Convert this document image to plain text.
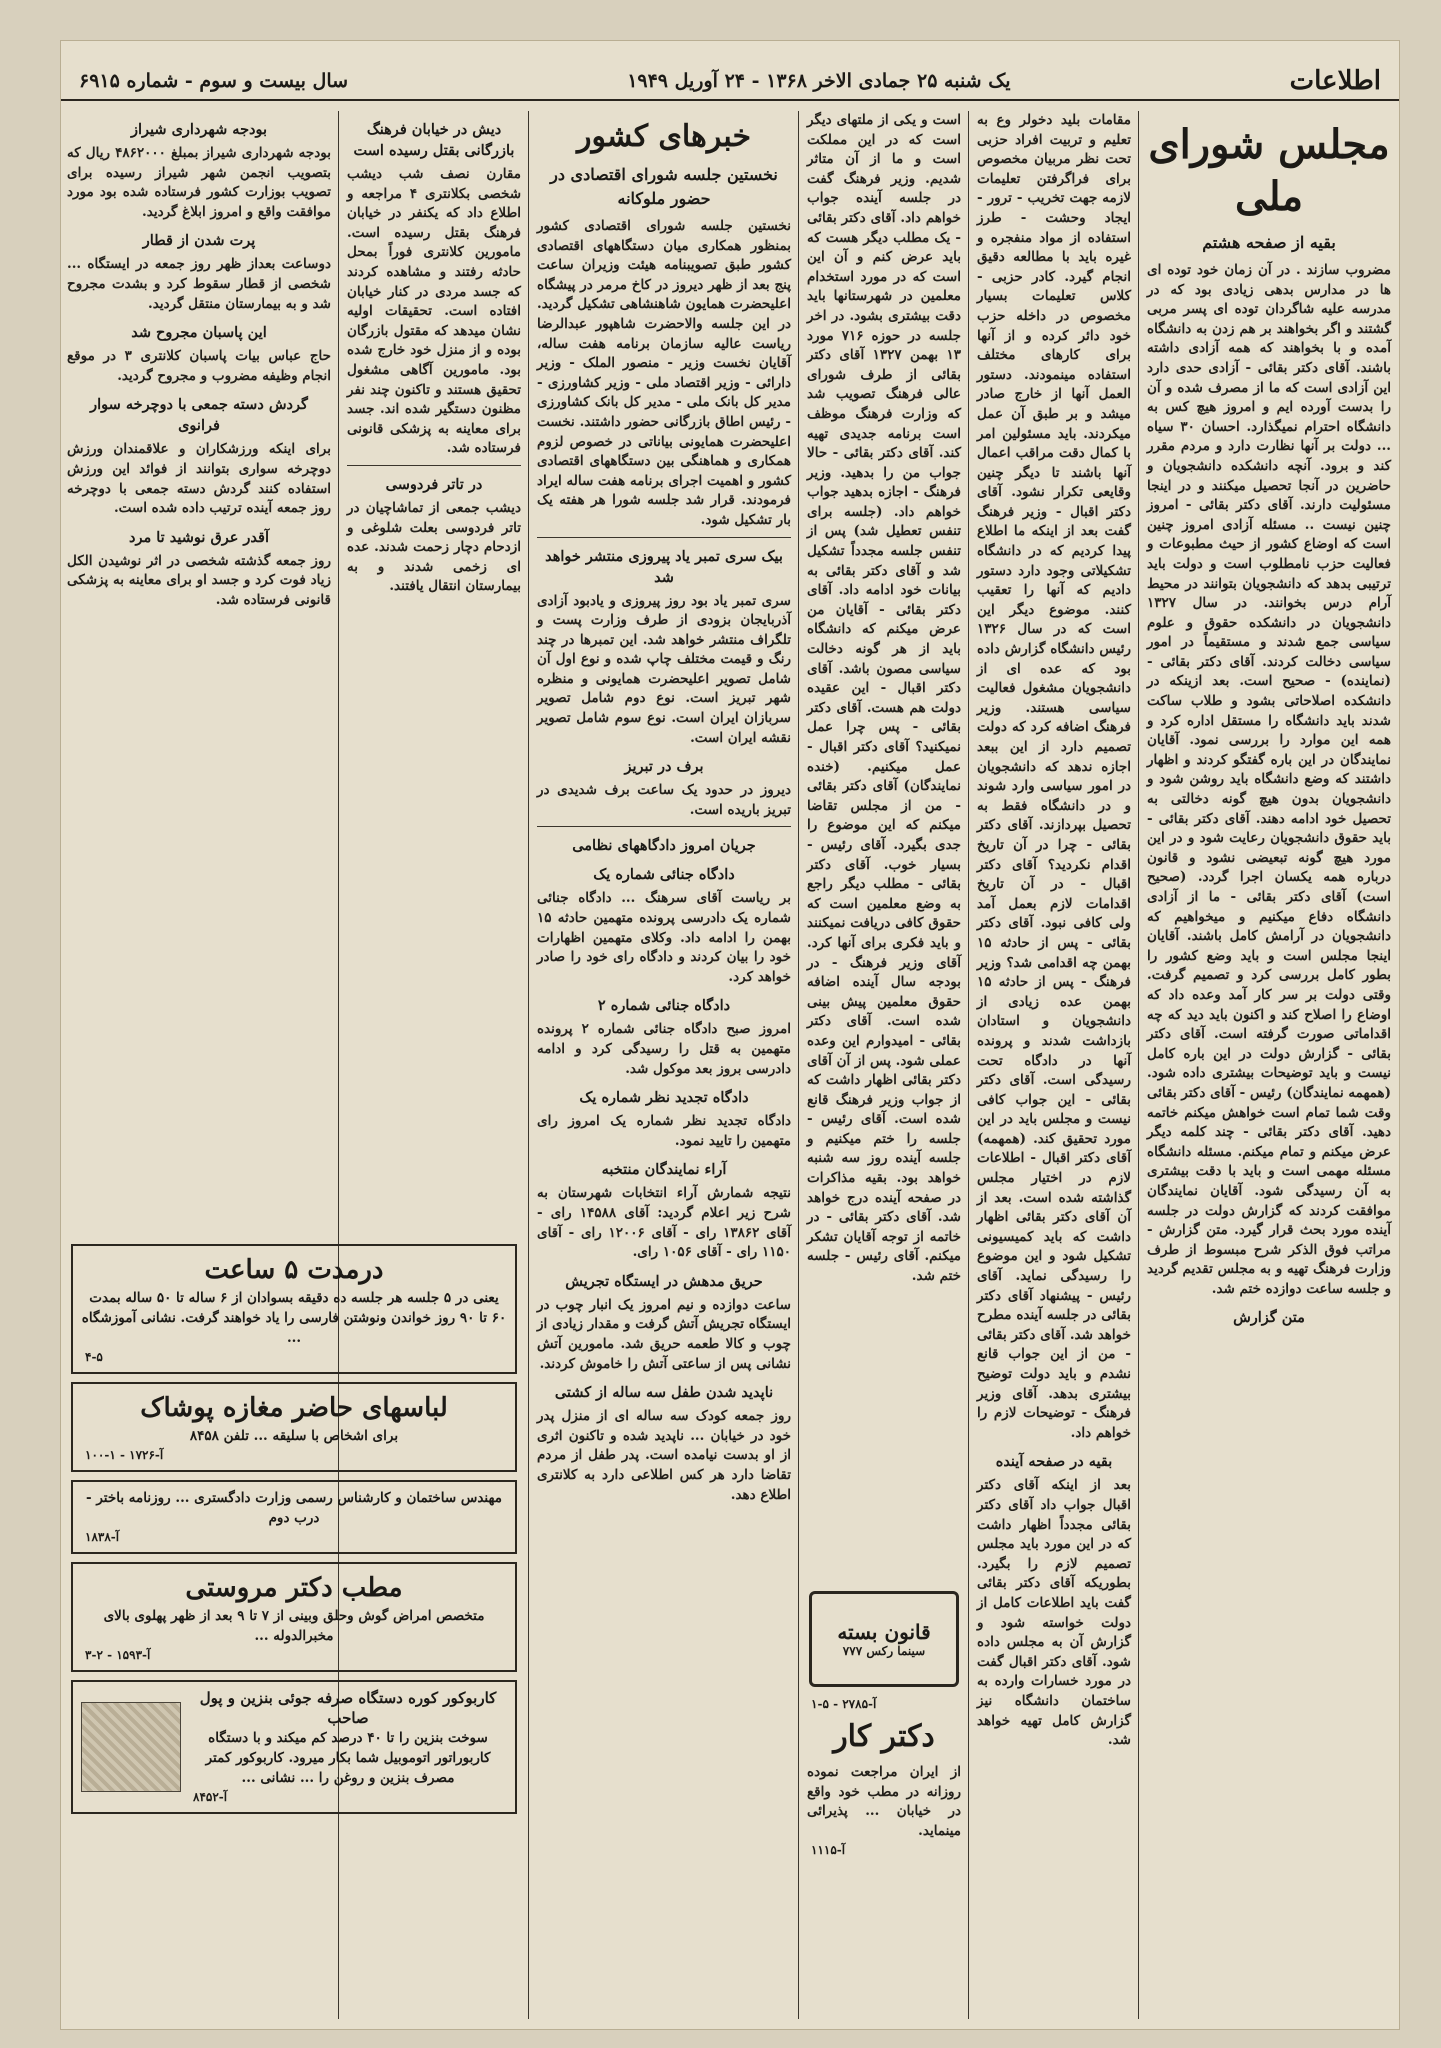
اطلاعات
یک شنبه ۲۵ جمادی الاخر ۱۳۶۸ - ۲۴ آوریل ۱۹۴۹
سال بیست و سوم - شماره ۶۹۱۵
مجلس شورای ملی
بقیه از صفحه هشتم

مضروب سازند . در آن زمان خود توده ای ها در مدارس بدهی زیادی بود که در مدرسه علیه شاگردان توده ای پسر مربی گشتند و اگر بخواهند بر هم زدن به دانشگاه آمده و با بخواهند که همه آزادی داشته باشند. آقای دکتر بقائی - آزادی حدی دارد این آزادی است که ما از مصرف شده و آن را بدست آورده ایم و امروز هیچ کس به دانشگاه احترام نمیگذارد. احسان ۳۰ سیاه ... دولت بر آنها نظارت دارد و مردم مقرر کند و برود. آنچه دانشکده دانشجویان و حاضرین در آنجا تحصیل میکنند و در اینجا مسئولیت دارند. آقای دکتر بقائی - امروز چنین نیست .. مسئله آزادی امروز چنین است که اوضاع کشور از حیث مطبوعات و فعالیت حزب نامطلوب است و دولت باید ترتیبی بدهد که دانشجویان بتوانند در محیط آرام درس بخوانند. در سال ۱۳۲۷ دانشجویان در دانشکده حقوق و علوم سیاسی جمع شدند و مستقیماً در امور سیاسی دخالت کردند. آقای دکتر بقائی - (نماینده) - صحیح است. بعد ازینکه در دانشکده اصلاحاتی بشود و طلاب ساکت شدند باید دانشگاه را مستقل اداره کرد و همه این موارد را بررسی نمود. آقایان نمایندگان در این باره گفتگو کردند و اظهار داشتند که وضع دانشگاه باید روشن شود و دانشجویان بدون هیچ گونه دخالتی به تحصیل خود ادامه دهند. آقای دکتر بقائی - باید حقوق دانشجویان رعایت شود و در این مورد هیچ گونه تبعیضی نشود و قانون درباره همه یکسان اجرا گردد. (صحیح است) آقای دکتر بقائی - ما از آزادی دانشگاه دفاع میکنیم و میخواهیم که دانشجویان در آرامش کامل باشند. آقایان اینجا مجلس است و باید وضع کشور را بطور کامل بررسی کرد و تصمیم گرفت. وقتی دولت بر سر کار آمد وعده داد که اوضاع را اصلاح کند و اکنون باید دید که چه اقداماتی صورت گرفته است. آقای دکتر بقائی - گزارش دولت در این باره کامل نیست و باید توضیحات بیشتری داده شود. (همهمه نمایندگان) رئیس - آقای دکتر بقائی وقت شما تمام است خواهش میکنم خاتمه دهید. آقای دکتر بقائی - چند کلمه دیگر عرض میکنم و تمام میکنم. مسئله دانشگاه مسئله مهمی است و باید با دقت بیشتری به آن رسیدگی شود. آقایان نمایندگان موافقت کردند که گزارش دولت در جلسه آینده مورد بحث قرار گیرد. متن گزارش - مراتب فوق الذکر شرح مبسوط از طرف وزارت فرهنگ تهیه و به مجلس تقدیم گردید و جلسه ساعت دوازده ختم شد.

متن گزارش

مقامات بلید دخولر وع به تعلیم و تربیت افراد حزبی تحت نظر مربیان مخصوص برای فراگرفتن تعلیمات لازمه جهت تخریب - ترور - ایجاد وحشت - طرز استفاده از مواد منفجره و غیره باید با مطالعه دقیق انجام گیرد. کادر حزبی - کلاس تعلیمات بسیار مخصوص در داخله حزب خود دائر کرده و از آنها برای کارهای مختلف استفاده مینمودند. دستور العمل آنها از خارج صادر میشد و بر طبق آن عمل میکردند. باید مسئولین امر با کمال دقت مراقب اعمال آنها باشند تا دیگر چنین وقایعی تکرار نشود. آقای دکتر اقبال - وزیر فرهنگ گفت بعد از اینکه ما اطلاع پیدا کردیم که در دانشگاه تشکیلاتی وجود دارد دستور دادیم که آنها را تعقیب کنند. موضوع دیگر این است که در سال ۱۳۲۶ رئیس دانشگاه گزارش داده بود که عده ای از دانشجویان مشغول فعالیت سیاسی هستند. وزیر فرهنگ اضافه کرد که دولت تصمیم دارد از این ببعد اجازه ندهد که دانشجویان در امور سیاسی وارد شوند و در دانشگاه فقط به تحصیل بپردازند. آقای دکتر بقائی - چرا در آن تاریخ اقدام نکردید؟ آقای دکتر اقبال - در آن تاریخ اقدامات لازم بعمل آمد ولی کافی نبود. آقای دکتر بقائی - پس از حادثه ۱۵ بهمن چه اقدامی شد؟ وزیر فرهنگ - پس از حادثه ۱۵ بهمن عده زیادی از دانشجویان و استادان بازداشت شدند و پرونده آنها در دادگاه تحت رسیدگی است. آقای دکتر بقائی - این جواب کافی نیست و مجلس باید در این مورد تحقیق کند. (همهمه) آقای دکتر اقبال - اطلاعات لازم در اختیار مجلس گذاشته شده است. بعد از آن آقای دکتر بقائی اظهار داشت که باید کمیسیونی تشکیل شود و این موضوع را رسیدگی نماید. آقای رئیس - پیشنهاد آقای دکتر بقائی در جلسه آینده مطرح خواهد شد. آقای دکتر بقائی - من از این جواب قانع نشدم و باید دولت توضیح بیشتری بدهد. آقای وزیر فرهنگ - توضیحات لازم را خواهم داد.

بقیه در صفحه آینده

بعد از اینکه آقای دکتر اقبال جواب داد آقای دکتر بقائی مجدداً اظهار داشت که در این مورد باید مجلس تصمیم لازم را بگیرد. بطوریکه آقای دکتر بقائی گفت باید اطلاعات کامل از دولت خواسته شود و گزارش آن به مجلس داده شود. آقای دکتر اقبال گفت در مورد خسارات وارده به ساختمان دانشگاه نیز گزارش کامل تهیه خواهد شد.

است و یکی از ملتهای دیگر است که در این مملکت است و ما از آن متاثر شدیم. وزیر فرهنگ گفت در جلسه آینده جواب خواهم داد. آقای دکتر بقائی - یک مطلب دیگر هست که باید عرض کنم و آن این است که در مورد استخدام معلمین در شهرستانها باید دقت بیشتری بشود. در اخر جلسه در حوزه ۷۱۶ مورد ۱۳ بهمن ۱۳۲۷ آقای دکتر بقائی از طرف شورای عالی فرهنگ تصویب شد که وزارت فرهنگ موظف است برنامه جدیدی تهیه کند. آقای دکتر بقائی - حالا جواب من را بدهید. وزیر فرهنگ - اجازه بدهید جواب خواهم داد. (جلسه برای تنفس تعطیل شد) پس از تنفس جلسه مجدداً تشکیل شد و آقای دکتر بقائی به بیانات خود ادامه داد. آقای دکتر بقائی - آقایان من عرض میکنم که دانشگاه باید از هر گونه دخالت سیاسی مصون باشد. آقای دکتر اقبال - این عقیده دولت هم هست. آقای دکتر بقائی - پس چرا عمل نمیکنید؟ آقای دکتر اقبال - عمل میکنیم. (خنده نمایندگان) آقای دکتر بقائی - من از مجلس تقاضا میکنم که این موضوع را جدی بگیرد. آقای رئیس - بسیار خوب. آقای دکتر بقائی - مطلب دیگر راجع به وضع معلمین است که حقوق کافی دریافت نمیکنند و باید فکری برای آنها کرد. آقای وزیر فرهنگ - در بودجه سال آینده اضافه حقوق معلمین پیش بینی شده است. آقای دکتر بقائی - امیدوارم این وعده عملی شود. پس از آن آقای دکتر بقائی اظهار داشت که از جواب وزیر فرهنگ قانع شده است. آقای رئیس - جلسه را ختم میکنیم و جلسه آینده روز سه شنبه خواهد بود. بقیه مذاکرات در صفحه آینده درج خواهد شد. آقای دکتر بقائی - در خاتمه از توجه آقایان تشکر میکنم. آقای رئیس - جلسه ختم شد.

قانون بسته
سینما رکس ۷۷۷
آ-۲۷۸۵ - ۵-۱
دکتر کار

از ایران مراجعت نموده روزانه در مطب خود واقع در خیابان ... پذیرائی مینماید.

آ-۱۱۱۵
خبرهای کشور
نخستین جلسه شورای اقتصادی در حضور ملوکانه

نخستین جلسه شورای اقتصادی کشور بمنظور همکاری میان دستگاههای اقتصادی کشور طبق تصویبنامه هیئت وزیران ساعت پنج بعد از ظهر دیروز در کاخ مرمر در پیشگاه اعلیحضرت همایون شاهنشاهی تشکیل گردید. در این جلسه والاحضرت شاهپور عبدالرضا ریاست عالیه سازمان برنامه هفت ساله، آقایان نخست وزیر - منصور الملک - وزیر دارائی - وزیر اقتصاد ملی - وزیر کشاورزی - مدیر کل بانک ملی - مدیر کل بانک کشاورزی - رئیس اطاق بازرگانی حضور داشتند. نخست اعلیحضرت همایونی بیاناتی در خصوص لزوم همکاری و هماهنگی بین دستگاههای اقتصادی کشور و اهمیت اجرای برنامه هفت ساله ایراد فرمودند. قرار شد جلسه شورا هر هفته یک بار تشکیل شود.

بیک سری تمبر یاد پیروزی منتشر خواهد شد

سری تمبر یاد بود روز پیروزی و یادبود آزادی آذربایجان بزودی از طرف وزارت پست و تلگراف منتشر خواهد شد. این تمبرها در چند رنگ و قیمت مختلف چاپ شده و نوع اول آن شامل تصویر اعلیحضرت همایونی و منظره شهر تبریز است. نوع دوم شامل تصویر سربازان ایران است. نوع سوم شامل تصویر نقشه ایران است.

برف در تبریز

دیروز در حدود یک ساعت برف شدیدی در تبریز باریده است.

جریان امروز دادگاههای نظامی
دادگاه جنائی شماره یک

بر ریاست آقای سرهنگ ... دادگاه جنائی شماره یک دادرسی پرونده متهمین حادثه ۱۵ بهمن را ادامه داد. وکلای متهمین اظهارات خود را بیان کردند و دادگاه رای خود را صادر خواهد کرد.

دادگاه جنائی شماره ۲

امروز صبح دادگاه جنائی شماره ۲ پرونده متهمین به قتل را رسیدگی کرد و ادامه دادرسی بروز بعد موکول شد.

دادگاه تجدید نظر شماره یک

دادگاه تجدید نظر شماره یک امروز رای متهمین را تایید نمود.

آراء نمایندگان منتخبه

نتیجه شمارش آراء انتخابات شهرستان به شرح زیر اعلام گردید: آقای ۱۴۵۸۸ رای - آقای ۱۳۸۶۲ رای - آقای ۱۲۰۰۶ رای - آقای ۱۱۵۰ رای - آقای ۱۰۵۶ رای.

حریق مدهش در ایستگاه تجریش

ساعت دوازده و نیم امروز یک انبار چوب در ایستگاه تجریش آتش گرفت و مقدار زیادی از چوب و کالا طعمه حریق شد. مامورین آتش نشانی پس از ساعتی آتش را خاموش کردند.

ناپدید شدن طفل سه ساله از کشتی

روز جمعه کودک سه ساله ای از منزل پدر خود در خیابان ... ناپدید شده و تاکنون اثری از او بدست نیامده است. پدر طفل از مردم تقاضا دارد هر کس اطلاعی دارد به کلانتری اطلاع دهد.

دیش در خیابان فرهنگ بازرگانی بقتل رسیده است

مقارن نصف شب دیشب شخصی بکلانتری ۴ مراجعه و اطلاع داد که یکنفر در خیابان فرهنگ بقتل رسیده است. مامورین کلانتری فوراً بمحل حادثه رفتند و مشاهده کردند که جسد مردی در کنار خیابان افتاده است. تحقیقات اولیه نشان میدهد که مقتول بازرگان بوده و از منزل خود خارج شده بود. مامورین آگاهی مشغول تحقیق هستند و تاکنون چند نفر مظنون دستگیر شده اند. جسد برای معاینه به پزشکی قانونی فرستاده شد.

در تاتر فردوسی

دیشب جمعی از تماشاچیان در تاتر فردوسی بعلت شلوغی و ازدحام دچار زحمت شدند. عده ای زخمی شدند و به بیمارستان انتقال یافتند.

بودجه شهرداری شیراز

بودجه شهرداری شیراز بمبلغ ۴۸۶۲۰۰۰ ریال که بتصویب انجمن شهر شیراز رسیده برای تصویب بوزارت کشور فرستاده شده بود مورد موافقت واقع و امروز ابلاغ گردید.

پرت شدن از قطار

دوساعت بعداز ظهر روز جمعه در ایستگاه ... شخصی از قطار سقوط کرد و بشدت مجروح شد و به بیمارستان منتقل گردید.

این پاسبان مجروح شد

حاج عباس بیات پاسبان کلانتری ۳ در موقع انجام وظیفه مضروب و مجروح گردید.

گردش دسته جمعی با دوچرخه سوار فرانوی

برای اینکه ورزشکاران و علاقمندان ورزش دوچرخه سواری بتوانند از فوائد این ورزش استفاده کنند گردش دسته جمعی با دوچرخه روز جمعه آینده ترتیب داده شده است.

آقدر عرق نوشید تا مرد

روز جمعه گذشته شخصی در اثر نوشیدن الکل زیاد فوت کرد و جسد او برای معاینه به پزشکی قانونی فرستاده شد.

درمدت ۵ ساعت
یعنی در ۵ جلسه هر جلسه ده دقیقه بسوادان از ۶ ساله تا ۵۰ ساله بمدت ۶۰ تا ۹۰ روز خواندن ونوشتن فارسی را یاد خواهند گرفت. نشانی آموزشگاه ...
۴-۵
لباسهای حاضر مغازه پوشاک
برای اشخاص با سلیقه ... تلفن ۸۴۵۸
آ-۱۷۲۶ - ۱-۱۰۰
مهندس ساختمان و کارشناس رسمی وزارت دادگستری ... روزنامه باختر - درب دوم
آ-۱۸۳۸
مطب دکتر مروستی
متخصص امراض گوش وحلق وبینی از ۷ تا ۹ بعد از ظهر پهلوی بالای مخبرالدوله ...
آ-۱۵۹۳ - ۲-۳
کاربوکور کوره دستگاه صرفه جوئی بنزین و پول صاحب
سوخت بنزین را تا ۴۰ درصد کم میکند و با دستگاه کاربوراتور اتوموبیل شما بکار میرود. کاربوکور کمتر مصرف بنزین و روغن را ... نشانی ...
آ-۸۴۵۲
